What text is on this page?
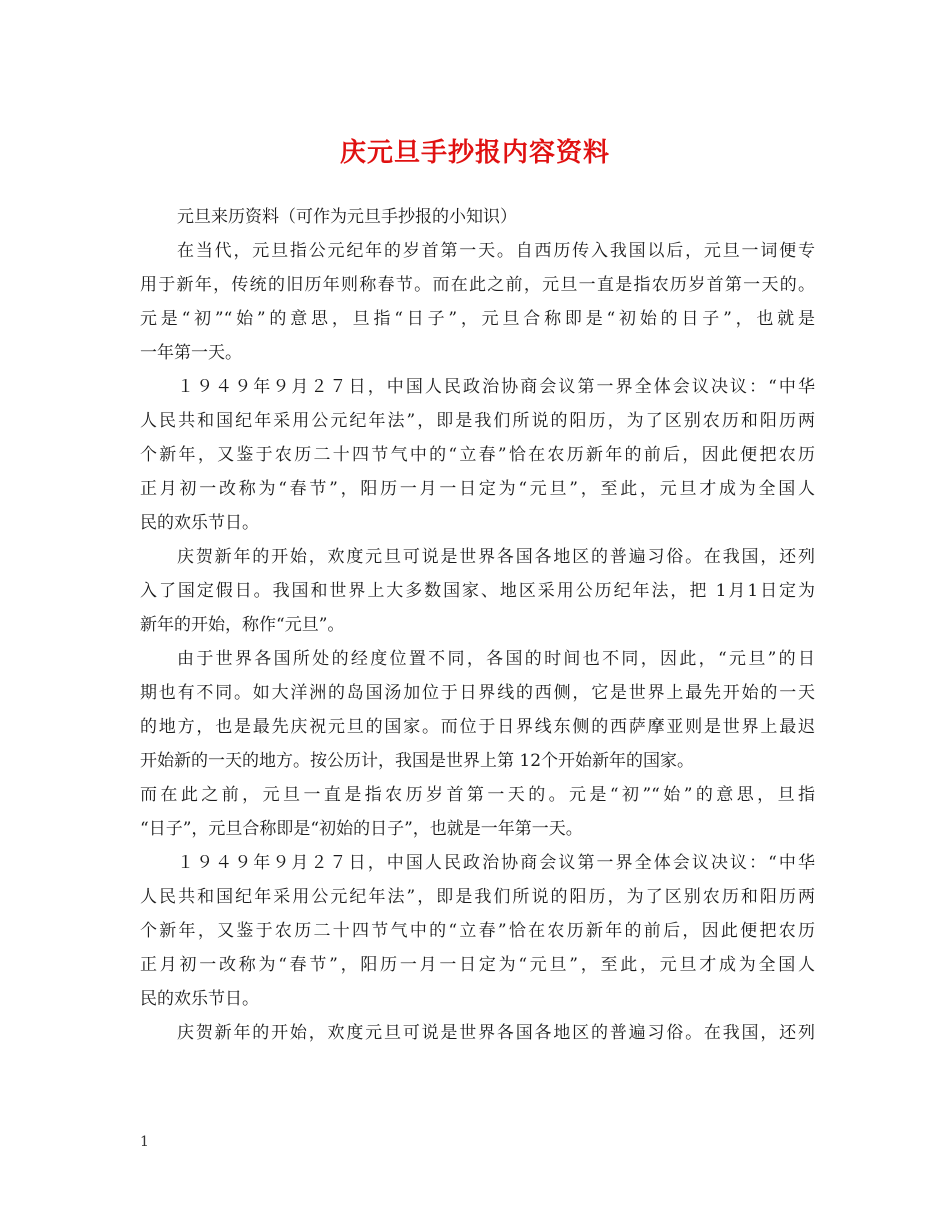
庆元旦手抄报内容资料
元旦来历资料（可作为元旦手抄报的小知识）
在当代，元旦指公元纪年的岁首第一天。自西历传入我国以后，元旦一词便专
用于新年，传统的旧历年则称春节。而在此之前，元旦一直是指农历岁首第一天的。
元是“初”“始”的意思，旦指“日子”，元旦合称即是“初始的日子”，也就是
一年第一天。
１９４９年９月２７日，中国人民政治协商会议第一界全体会议决议：“中华
人民共和国纪年采用公元纪年法”，即是我们所说的阳历，为了区别农历和阳历两
个新年，又鉴于农历二十四节气中的“立春”恰在农历新年的前后，因此便把农历
正月初一改称为“春节”，阳历一月一日定为“元旦”，至此，元旦才成为全国人
民的欢乐节日。
庆贺新年的开始，欢度元旦可说是世界各国各地区的普遍习俗。在我国，还列
入了国定假日。我国和世界上大多数国家、地区采用公历纪年法，把 1月1日定为
新年的开始，称作“元旦”。
由于世界各国所处的经度位置不同，各国的时间也不同，因此，“元旦”的日
期也有不同。如大洋洲的岛国汤加位于日界线的西侧，它是世界上最先开始的一天
的地方，也是最先庆祝元旦的国家。而位于日界线东侧的西萨摩亚则是世界上最迟
开始新的一天的地方。按公历计，我国是世界上第 12个开始新年的国家。
而在此之前，元旦一直是指农历岁首第一天的。元是“初”“始”的意思，旦指
“日子”，元旦合称即是“初始的日子”，也就是一年第一天。
１９４９年９月２７日，中国人民政治协商会议第一界全体会议决议：“中华
人民共和国纪年采用公元纪年法”，即是我们所说的阳历，为了区别农历和阳历两
个新年，又鉴于农历二十四节气中的“立春”恰在农历新年的前后，因此便把农历
正月初一改称为“春节”，阳历一月一日定为“元旦”，至此，元旦才成为全国人
民的欢乐节日。
庆贺新年的开始，欢度元旦可说是世界各国各地区的普遍习俗。在我国，还列
1
